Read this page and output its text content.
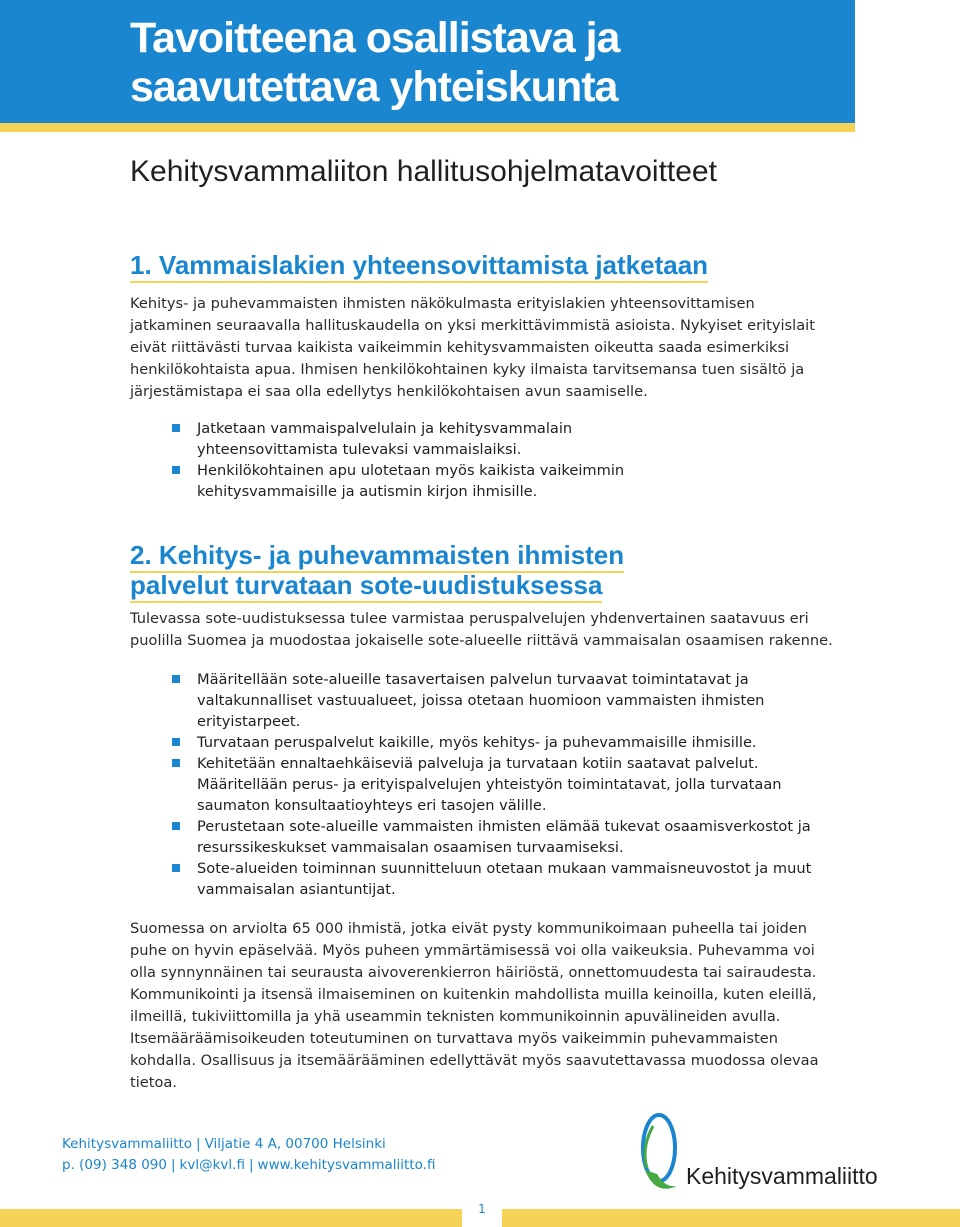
Tavoitteena osallistava ja
saavutettava yhteiskunta
Kehitysvammaliiton hallitusohjelmatavoitteet
1. Vammaislakien yhteensovittamista jatketaan

Kehitys- ja puhevammaisten ihmisten näkökulmasta erityislakien yhteensovittamisen jatkaminen seuraavalla hallituskaudella on yksi merkittävimmistä asioista. Nykyiset erityislait eivät riittävästi turvaa kaikista vaikeimmin kehitysvammaisten oikeutta saada esimerkiksi henkilökohtaista apua. Ihmisen henkilökohtainen kyky ilmaista tarvitsemansa tuen sisältö ja järjestämistapa ei saa olla edellytys henkilökohtaisen avun saamiselle.

Jatketaan vammaispalvelulain ja kehitysvammalain yhteensovittamista tulevaksi vammaislaiksi.
Henkilökohtainen apu ulotetaan myös kaikista vaikeimmin kehitysvammaisille ja autismin kirjon ihmisille.
2. Kehitys- ja puhevammaisten ihmisten
palvelut turvataan sote-uudistuksessa

Tulevassa sote-uudistuksessa tulee varmistaa peruspalvelujen yhdenvertainen saatavuus eri puolilla Suomea ja muodostaa jokaiselle sote-alueelle riittävä vammaisalan osaamisen rakenne.

Määritellään sote-alueille tasavertaisen palvelun turvaavat toimintatavat ja valtakunnalliset vastuualueet, joissa otetaan huomioon vammaisten ihmisten erityistarpeet.
Turvataan peruspalvelut kaikille, myös kehitys- ja puhevammaisille ihmisille.
Kehitetään ennaltaehkäiseviä palveluja ja turvataan kotiin saatavat palvelut. Määritellään perus- ja erityispalvelujen yhteistyön toimintatavat, jolla turvataan saumaton konsultaatioyhteys eri tasojen välille.
Perustetaan sote-alueille vammaisten ihmisten elämää tukevat osaamisverkostot ja resurssikeskukset vammaisalan osaamisen turvaamiseksi.
Sote-alueiden toiminnan suunnitteluun otetaan mukaan vammaisneuvostot ja muut vammaisalan asiantuntijat.

Suomessa on arviolta 65 000 ihmistä, jotka eivät pysty kommunikoimaan puheella tai joiden puhe on hyvin epäselvää. Myös puheen ymmärtämisessä voi olla vaikeuksia. Puhevamma voi olla synnynnäinen tai seurausta aivoverenkierron häiriöstä, onnettomuudesta tai sairaudesta. Kommunikointi ja itsensä ilmaiseminen on kuitenkin mahdollista muilla keinoilla, kuten eleillä, ilmeillä, tukiviittomilla ja yhä useammin teknisten kommunikoinnin apuvälineiden avulla. Itsemääräämisoikeuden toteutuminen on turvattava myös vaikeimmin puhevammaisten kohdalla. Osallisuus ja itsemäärääminen edellyttävät myös saavutettavassa muodossa olevaa tietoa.

Kehitysvammaliitto | Viljatie 4 A, 00700 Helsinki
p. (09) 348 090 | kvl@kvl.fi | www.kehitysvammaliitto.fi	Kehitysvammaliitto
1
